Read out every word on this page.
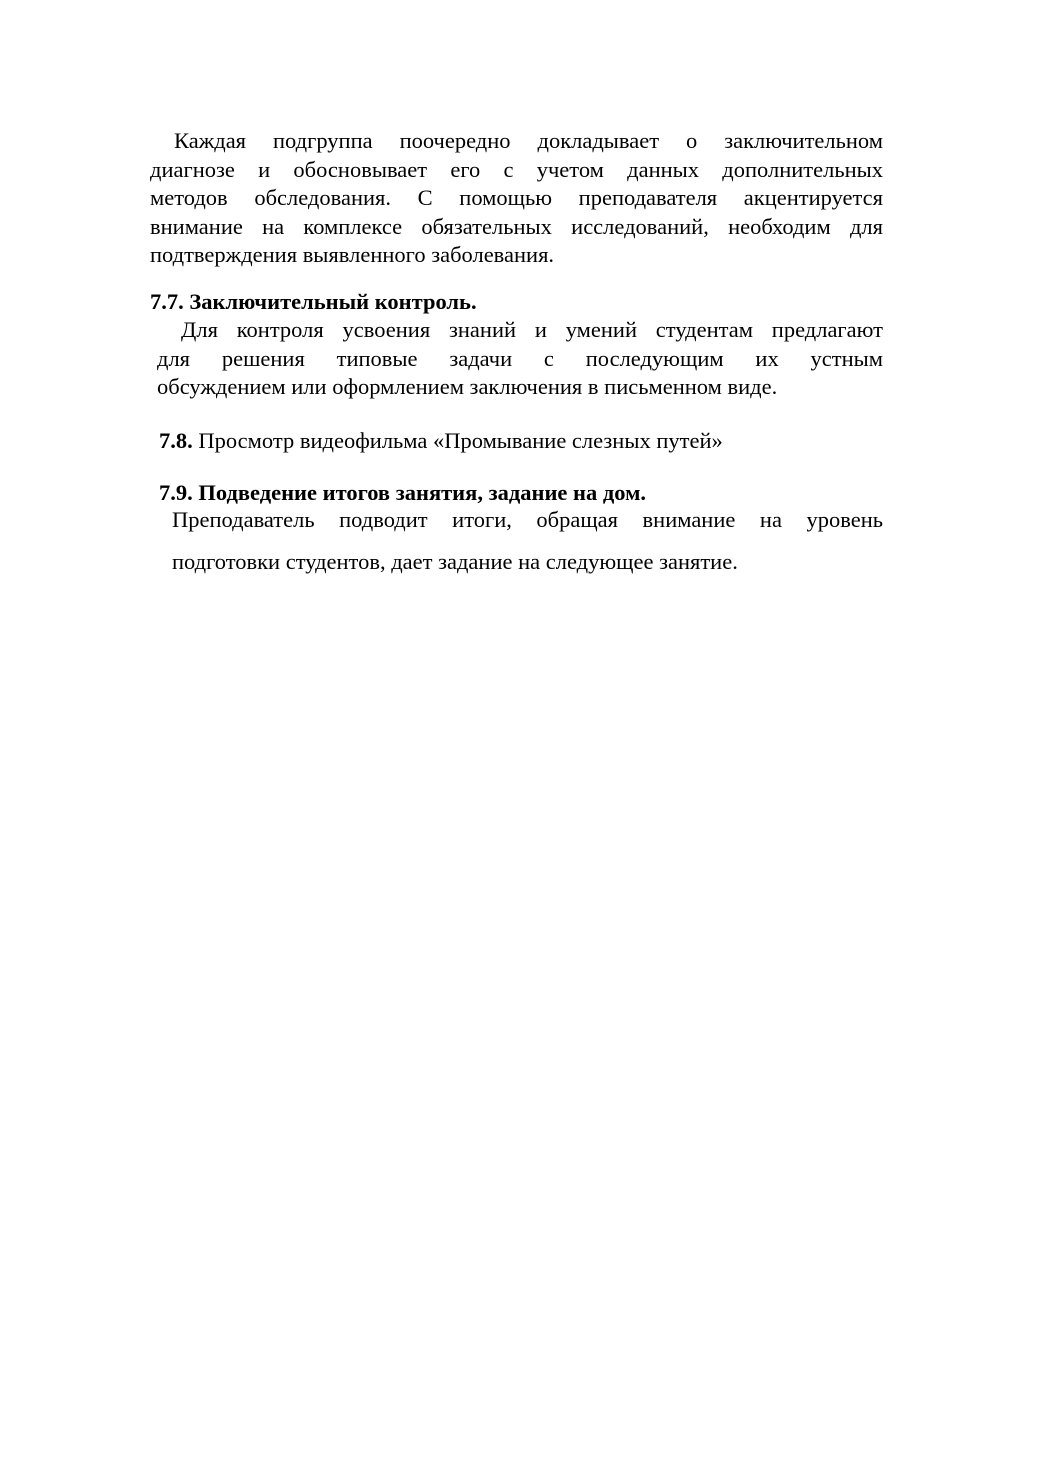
Каждая подгруппа поочередно докладывает о заключительном
диагнозе и обосновывает его с учетом данных дополнительных
методов обследования. С помощью преподавателя акцентируется
внимание на комплексе обязательных исследований, необходим для
подтверждения выявленного заболевания.
7.7. Заключительный контроль.
Для контроля усвоения знаний и умений студентам предлагают
для решения типовые задачи с последующим их устным
обсуждением или оформлением заключения в письменном виде.
7.8. Просмотр видеофильма «Промывание слезных путей»
7.9. Подведение итогов занятия, задание на дом.
Преподаватель подводит итоги, обращая внимание на уровень
подготовки студентов, дает задание на следующее занятие.
